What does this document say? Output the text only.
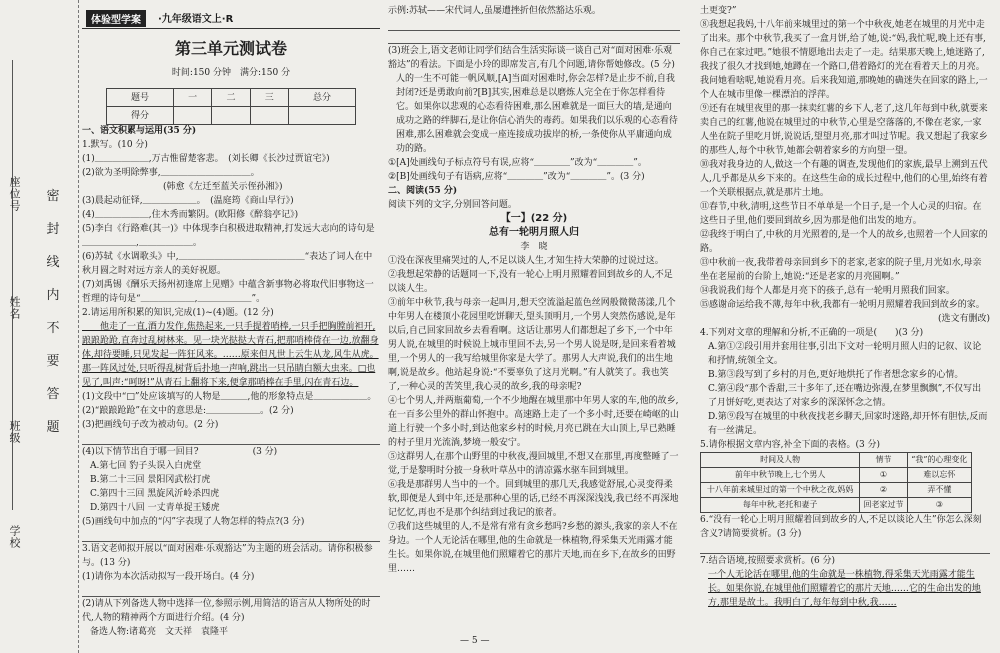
学校
班级
姓名
座位号 密
封
线
内
不
要
答
题
体验型学案	·九年级语文上·R
第三单元测试卷
时间:150 分钟　满分:150 分
题号	一	二	三	总分
得分				

一、语文积累与运用(35 分)

1.默写。(10 分)

(1)＿＿＿＿＿＿,万古惟留楚客悲。　(刘长卿《长沙过贾谊宅》)

(2)欲为圣明除弊事,＿＿＿＿＿＿＿＿＿＿。

　　　　　　　　　(韩愈《左迁至蓝关示侄孙湘》)

(3)晨起动征铎,＿＿＿＿＿＿。　(温庭筠《商山早行》)

(4)＿＿＿＿＿＿,住木秀而繁阴。(欧阳修《醉翁亭记》)

(5)李白《行路难(其一)》中体现李白积极进取精神,打发远大志向的诗句是＿＿＿＿＿＿,＿＿＿＿＿＿。

(6)苏轼《水调歌头》中,＿＿＿＿＿＿＿＿＿＿＿＿＿＿“表达了词人在中秋月圆之时对远方亲人的美好祝愿。

(7)刘禹锡《酬乐天扬州初逢席上见赠》中蕴含新事物必将取代旧事物这一哲理的诗句是“＿＿＿＿＿＿,＿＿＿＿＿＿”。

2.请运用所积累的知识,完成(1)~(4)题。(12 分)

　　他走了一直,酒力发作,焦热起来,一只手提着哨棒,一只手把胸膛前袒开,踉踉跄跄,直奔过乱树林来。见一块光挞挞大青石,把那哨棒倚在一边,放翻身体,却待要睡,只见发起一阵狂风来。……原来但凡世上云生从龙,风生从虎。那一阵风过处,只听得乱树背后扑地一声响,跳出一只吊睛白额大虫来。□也见了,叫声:“呵呀!”从青石上翻将下来,便拿那哨棒在手里,闪在青石边。

(1)文段中“□”处应该填写的人物是＿＿＿,他的形象特点是＿＿＿＿＿＿。

(2)“踉踉跄跄”在文中的意思是:＿＿＿＿＿＿。(2 分)

(3)把画线句子改为被动句。(2 分)

(4)以下情节出自于哪一回目?　　　　　　(3 分)

A.第七回 豹子头误入白虎堂

B.第二十三回 景阳冈武松打虎

C.第四十三回 黑旋风沂岭杀四虎

D.第四十八回 一丈青单捉王矮虎

(5)画线句中加点的“闪”字表现了人物怎样的特点?(3 分)

3.语文老师拟开展以“面对困难·乐观豁达”为主题的班会活动。请你积极参与。(13 分)

(1)请你为本次活动拟写一段开场白。(4 分)

(2)请从下列备选人物中选择一位,参照示例,用简洁的语言从人物所处的时代,人物的精神两个方面进行介绍。(4 分)

备选人物:诸葛亮　文天祥　袁隆平

示例:苏轼——宋代词人,虽屡遭挫折但依然豁达乐观。

(3)班会上,语文老师让同学们结合生活实际谈一谈自己对“面对困难·乐观豁达”的看法。下面是小玲的即席发言,有几个问题,请你帮她修改。(5 分)

人的一生不可能一帆风顺,[A]当面对困难时,你会怎样?是止步不前,自我封闭?还是勇敢向前?[B]其实,困难总是以磨炼人完全在于你怎样看待它。如果你以悲观的心态看待困难,那么困难就是一面巨大的墙,是通向成功之路的绊脚石,是让你信心消失的毒药。如果我们以乐观的心态看待困难,那么困难就会变成一座连接成功拔岸的桥,一条使你从平庸通向成功的路。

①[A]处画线句子标点符号有误,应将“＿＿＿＿”改为“＿＿＿＿”。

②[B]处画线句子有语病,应将“＿＿＿＿”改为“＿＿＿＿”。(3 分)

二、阅读(55 分)

阅读下列的文字,分别回答问题。

【一】(22 分)

总有一轮明月照人归

李　晓

①没在深夜里痛哭过的人,不足以谈人生,才知生持大荣静的过说过这。

②我想起荣静的话题同一下,没有一轮心上明月照耀着回到故乡的人,不足以谈人生。

③前年中秋节,我与母亲一起叫月,想天空流溢起蓝色丝网般微微荡漾,几个中年男人在楼顶小花园里吃饼聊天,望头顶明月,一个男人突然伤感说,是年以后,自己回家回故乡去看看啊。这话让那男人们都想起了乡下,一个中年男人说,在城里的时候说上城市里回不去,另一个男人说是呀,是回来看着城里,一个男人的一我写给城里你家是大学了。那男人大声说,我们的出生地啊,说是故乡。他站起身说:“不要辜负了这月光啊。”有人就笑了。我也笑了,一种心灵的苦笑里,我心灵的故乡,我的母亲呢?

④七个男人,并两瓶葡萄,一个不少地醒在城里那中年男人家的车,他的故乡,在一百多公里外的群山怀抱中。高速路上走了一个多小时,还要在崎岖的山道上行驶一个多小时,到达他家乡村的时候,月亮已跳在大山顶上,早已熟睡的村子里月光流淌,梦境一般安宁。

⑤这群男人,在那个山野里的中秋夜,漫回城里,不想又在那里,再度整睡了一觉,于是黎明时分披一身秋叶草丛中的清凉露水驱车回到城里。

⑥我是那群男人当中的一个。回到城里的那几天,我感觉舒展,心灵变得柔软,即便是人到中年,还是那种心里的话,已经不再深深浅浅,我已经不再深地记忆忆,再也不是那个纠结到过我记的旅者。

⑦我们这些城里的人,不是常有常有贪乡愁吗?乡愁的源头,我家的亲人不在身边。一个人无论活在哪里,他的生命就是一株植物,得采集天光雨露才能生长。如果你说,在城里他们照耀着它的那片天地,而在乡下,在故乡的田野里……

— 5 —

土更变?”

⑧我想起我妈,十八年前来城里过的第一个中秋夜,她老在城里的月光中走了出来。那个中秋节,我买了一盒月饼,给了她,说:“妈,我忙呢,晚上还有事,你自己在家过吧。”她很不情愿地出去走了一走。结果那天晚上,她迷路了,我找了很久才找到她,她蹲在一个路口,借着路灯的光在看着天上的月亮。我问她看啥呢,她说看月亮。后来我知道,那晚她的确迷失在回家的路上,一个人在城市里像一棵漂泊的浮萍。

⑨还有在城里夜里的那一抹卖红薯的乡下人,老了,这几年每到中秋,就要来卖自己的红薯,他说在城里过的中秋节,心里是空落落的,不像在老家,一家人坐在院子里吃月饼,说说话,望望月亮,那才叫过节呢。我又想起了我家乡的那些人,每个中秋节,她都会朝着家乡的方向望一望。

⑩我对我身边的人,做这一个有趣的调查,发现他们的家族,最早上溯到五代人,几乎都是从乡下来的。在这些生命的成长过程中,他们的心里,始终有着一个关联根据点,就是那片土地。

⑪春节,中秋,清明,这些节日不单单是一个日子,是一个人心灵的归宿。在这些日子里,他们要回到故乡,因为那是他们出发的地方。

⑫我终于明白了,中秋的月光照着的,是一个人的故乡,也照着一个人回家的路。

⑬中秋前一夜,我带着母亲回到乡下的老家,老家的院子里,月光如水,母亲坐在老屋前的台阶上,她说:“还是老家的月亮圆啊。”

⑭我说我们每个人都是月亮下的孩子,总有一轮明月照我们回家。

⑮感谢命运给我不薄,每年中秋,我都有一轮明月照耀着我回到故乡的家。

(选文有删改)

4.下列对文章的理解和分析,不正确的一项是(　　)(3 分)

A.第①②段引用并套用往事,引出下文对一轮明月照人归的记叙、议论和抒情,统领全文。

B.第③段写到了乡村的月色,更好地烘托了作者想念家乡的心情。

C.第④段“那个香甜,三十多年了,还在嘴边弥漫,在梦里飘飘”,不仅写出了月饼好吃,更表达了对家乡的深深怀念之情。

D.第⑨段写在城里的中秋夜找老乡聊天,回家时迷路,却开怀有胆怯,反而有一丝满足。

5.请你根据文章内容,补全下面的表格。(3 分)

时间及人物	情节	“我”的心理变化
前年中秋节晚上,七个男人	①	难以忘怀
十八年前来城里过的第一个中秋之夜,妈妈	②	弄不懂
每年中秋,老托和妻子	回老家过节	③

6.“没有一轮心上明月照耀着回到故乡的人,不足以谈论人生”你怎么深刻含义?请简要赏析。(3 分)

7.结合语境,按照要求赏析。(6 分)

一个人无论活在哪里,他的生命就是一株植物,得采集天光雨露才能生长。如果你说,在城里他们照耀着它的那片天地……它的生命出发的地方,那里是故土。我明白了,每年每到中秋,我……
